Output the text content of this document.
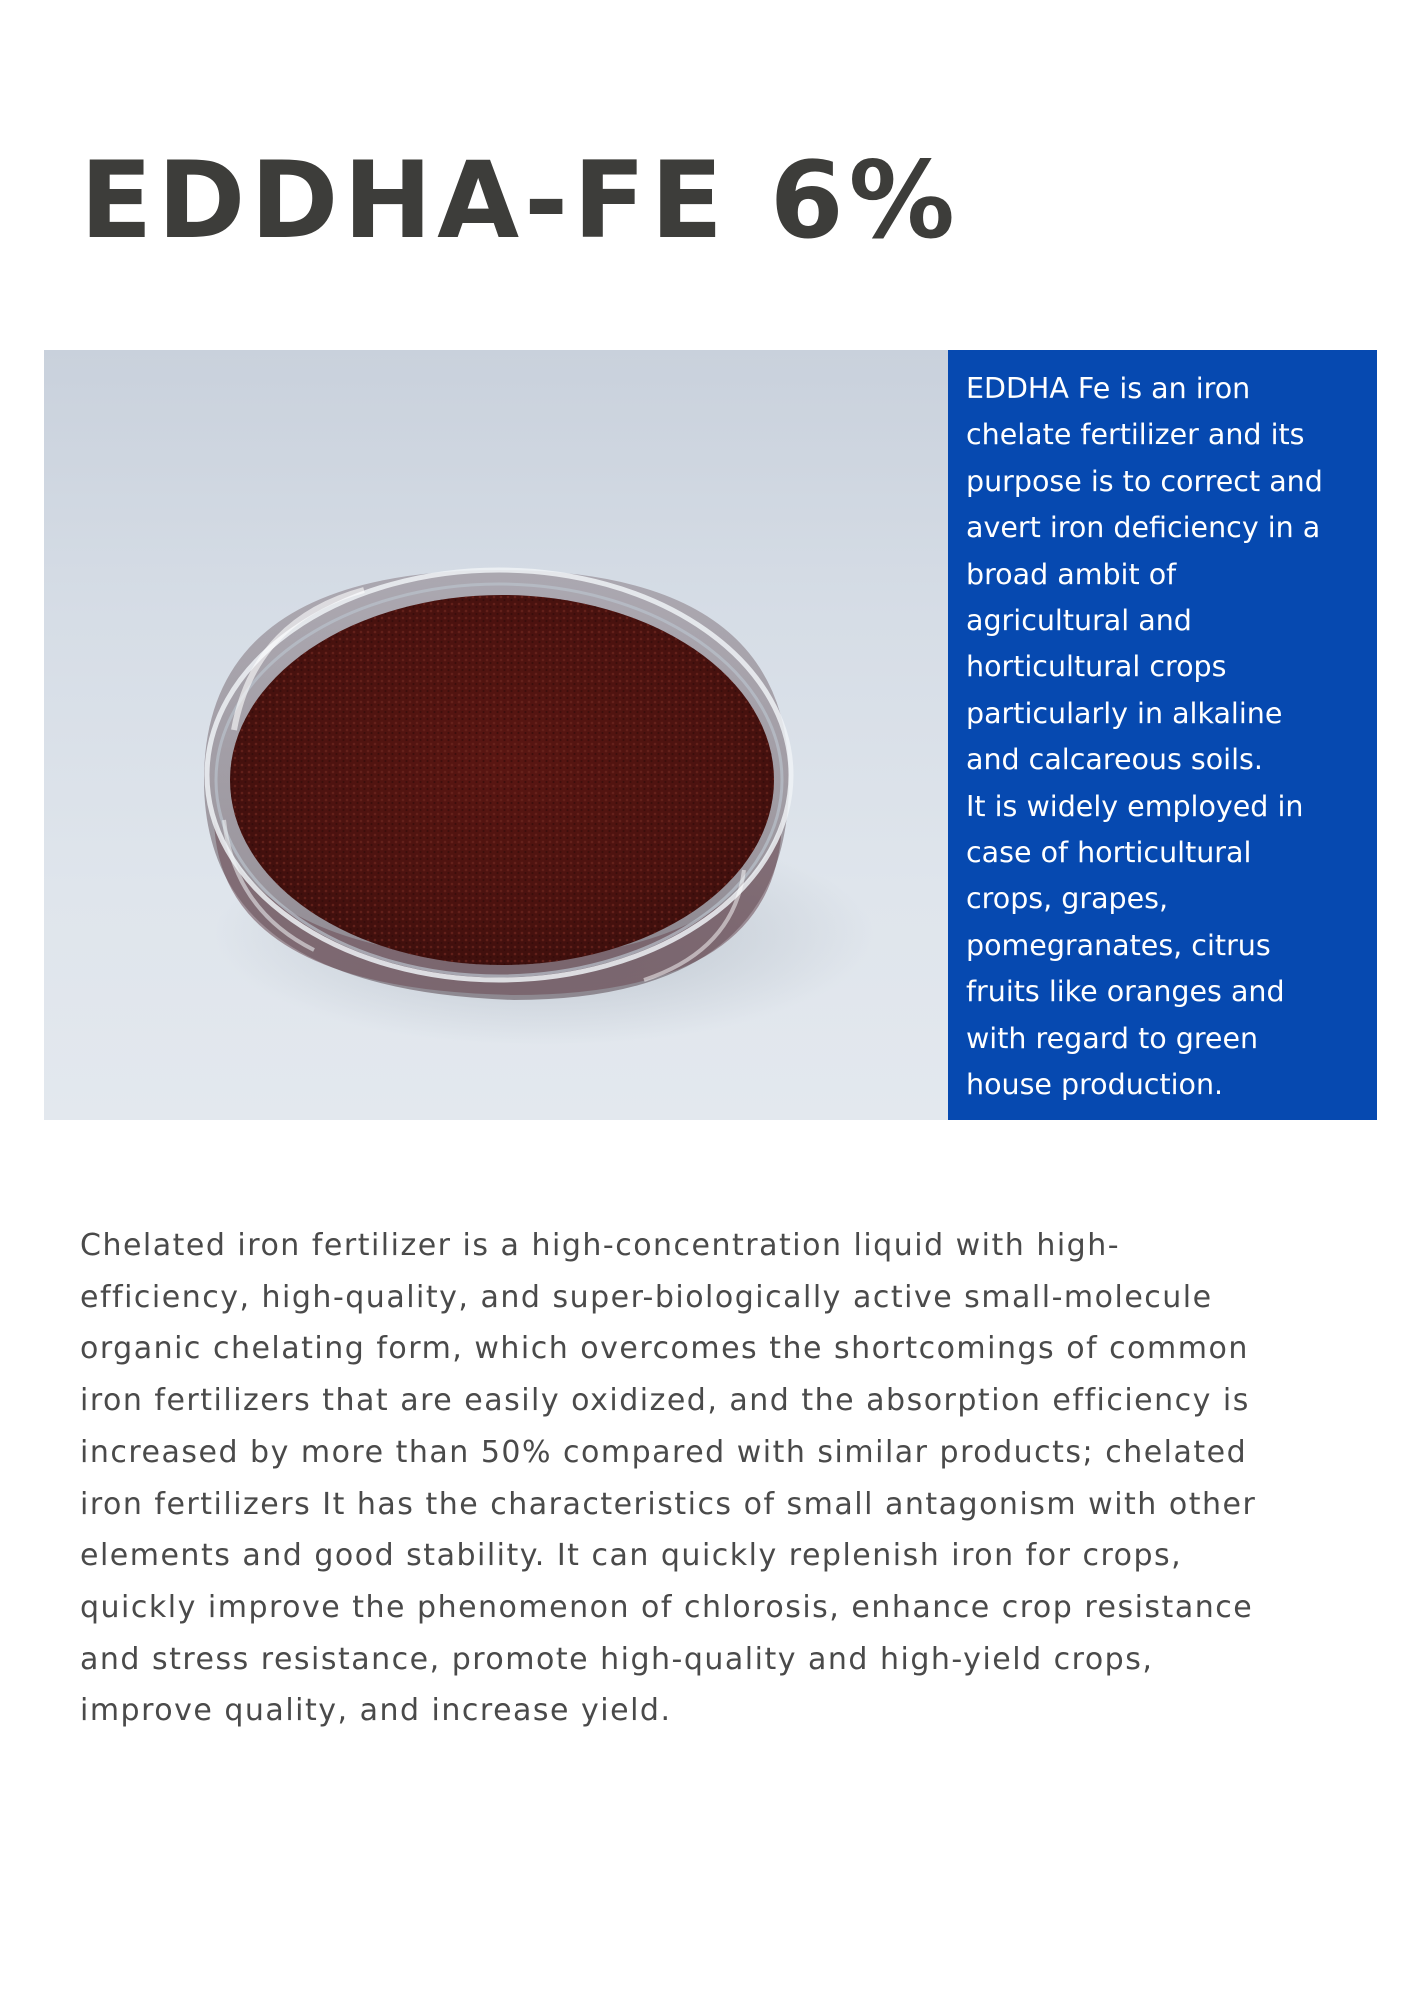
EDDHA-FE 6%

EDDHA Fe is an iron
chelate fertilizer and its
purpose is to correct and
avert iron deficiency in a
broad ambit of
agricultural and
horticultural crops
particularly in alkaline
and calcareous soils.
It is widely employed in
case of horticultural
crops, grapes,
pomegranates, citrus
fruits like oranges and
with regard to green
house production.

Chelated iron fertilizer is a high-concentration liquid with high-
efficiency, high-quality, and super-biologically active small-molecule
organic chelating form, which overcomes the shortcomings of common
iron fertilizers that are easily oxidized, and the absorption efficiency is
increased by more than 50% compared with similar products; chelated
iron fertilizers It has the characteristics of small antagonism with other
elements and good stability. It can quickly replenish iron for crops,
quickly improve the phenomenon of chlorosis, enhance crop resistance
and stress resistance, promote high-quality and high-yield crops,
improve quality, and increase yield.
